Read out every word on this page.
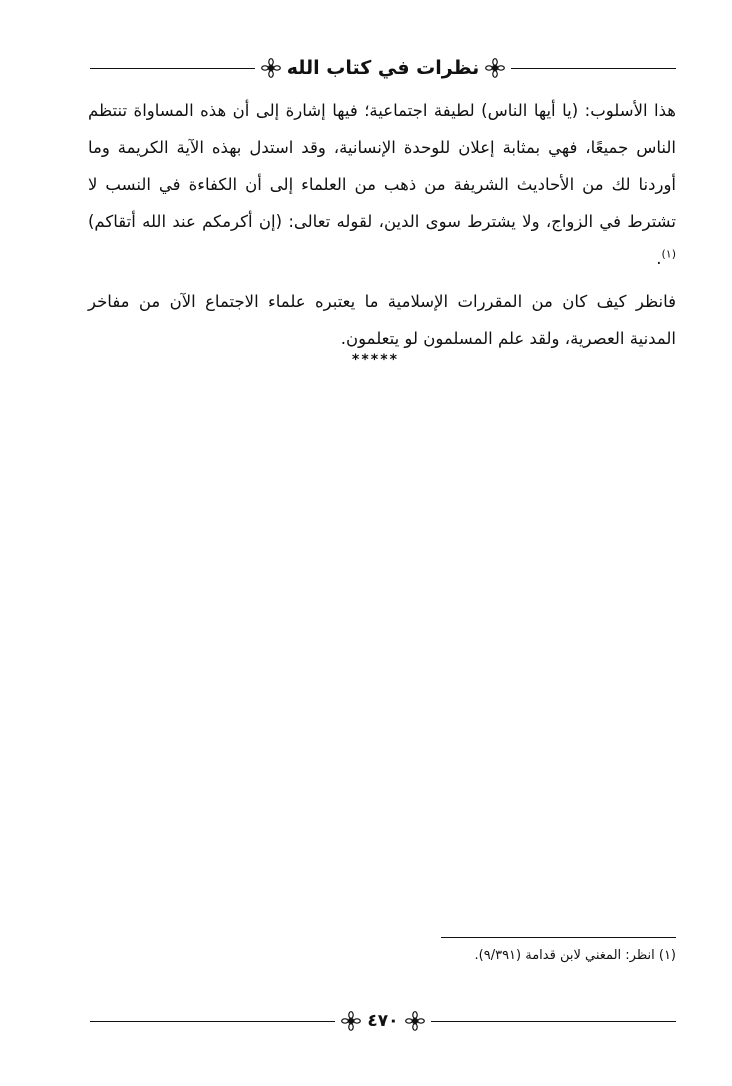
نظرات في كتاب الله

هذا الأسلوب: (يا أيها الناس) لطيفة اجتماعية؛ فيها إشارة إلى أن هذه المساواة تنتظم الناس جميعًا، فهي بمثابة إعلان للوحدة الإنسانية، وقد استدل بهذه الآية الكريمة وما أوردنا لك من الأحاديث الشريفة من ذهب من العلماء إلى أن الكفاءة في النسب لا تشترط في الزواج، ولا يشترط سوى الدين، لقوله تعالى: (إن أكرمكم عند الله أتقاكم)$^{(١)}$.

فانظر كيف كان من المقررات الإسلامية ما يعتبره علماء الاجتماع الآن من مفاخر المدنية العصرية، ولقد علم المسلمون لو يتعلمون.

*****
(١) انظر: المغني لابن قدامة (٩/٣٩١).
٤٧٠
